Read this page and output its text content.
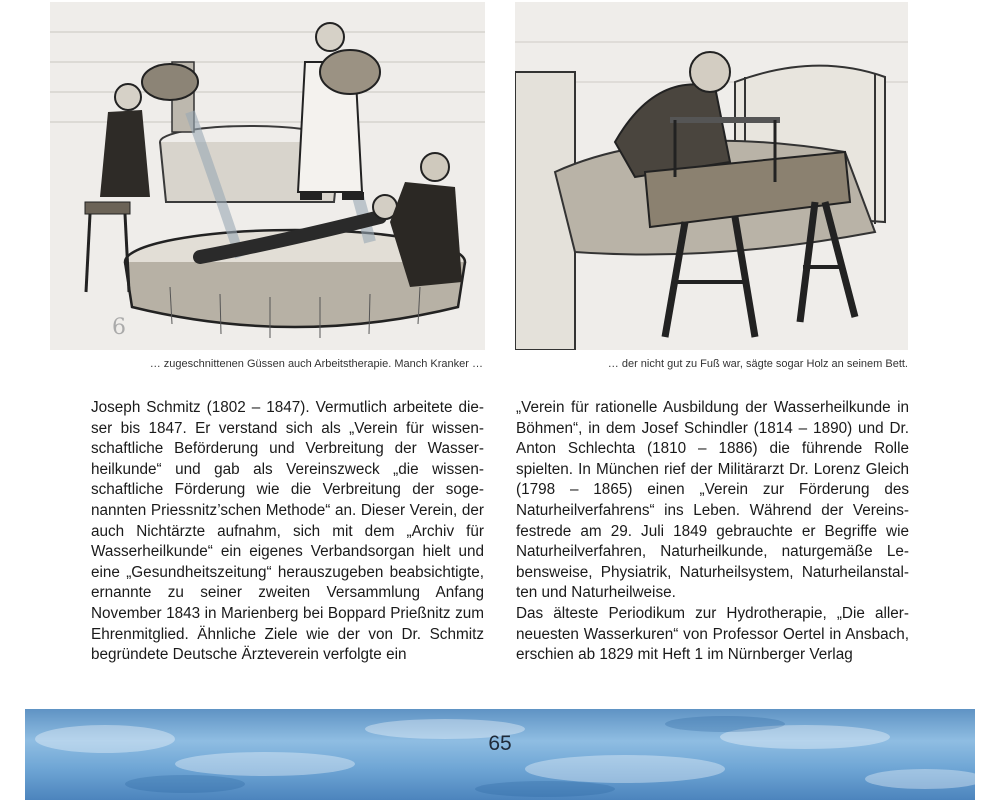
6
… zugeschnittenen Güssen auch Arbeitstherapie. Manch Kranker …	… der nicht gut zu Fuß war, sägte sogar Holz an seinem Bett.

Joseph Schmitz (1802 – 1847). Vermutlich arbeitete dieser bis 1847. Er verstand sich als „Verein für wissenschaftliche Beförderung und Verbreitung der Wasserheilkunde“ und gab als Vereinszweck „die wissenschaftliche Förderung wie die Verbreitung der sogenannten Priessnitz’schen Methode“ an. Dieser Verein, der auch Nichtärzte aufnahm, sich mit dem „Archiv für Wasserheilkunde“ ein eigenes Verbandsorgan hielt und eine „Gesundheitszeitung“ herauszugeben beabsichtigte, ernannte zu seiner zweiten Versammlung Anfang November 1843 in Marienberg bei Boppard Prießnitz zum Ehrenmitglied. Ähnliche Ziele wie der von Dr. Schmitz begründete Deutsche Ärzteverein verfolgte ein

„Verein für rationelle Ausbildung der Wasserheilkunde in Böhmen“, in dem Josef Schindler (1814 – 1890) und Dr. Anton Schlechta (1810 – 1886) die führende Rolle spielten. In München rief der Militärarzt Dr. Lorenz Gleich (1798 – 1865) einen „Verein zur Förderung des Naturheilverfahrens“ ins Leben. Während der Vereinsfestrede am 29. Juli 1849 gebrauchte er Begriffe wie Naturheilverfahren, Naturheilkunde, naturgemäße Lebensweise, Physiatrik, Naturheilsystem, Naturheilanstalten und Naturheilweise.

Das älteste Periodikum zur Hydrotherapie, „Die allerneuesten Wasserkuren“ von Professor Oertel in Ansbach, erschien ab 1829 mit Heft 1 im Nürnberger Verlag

65
